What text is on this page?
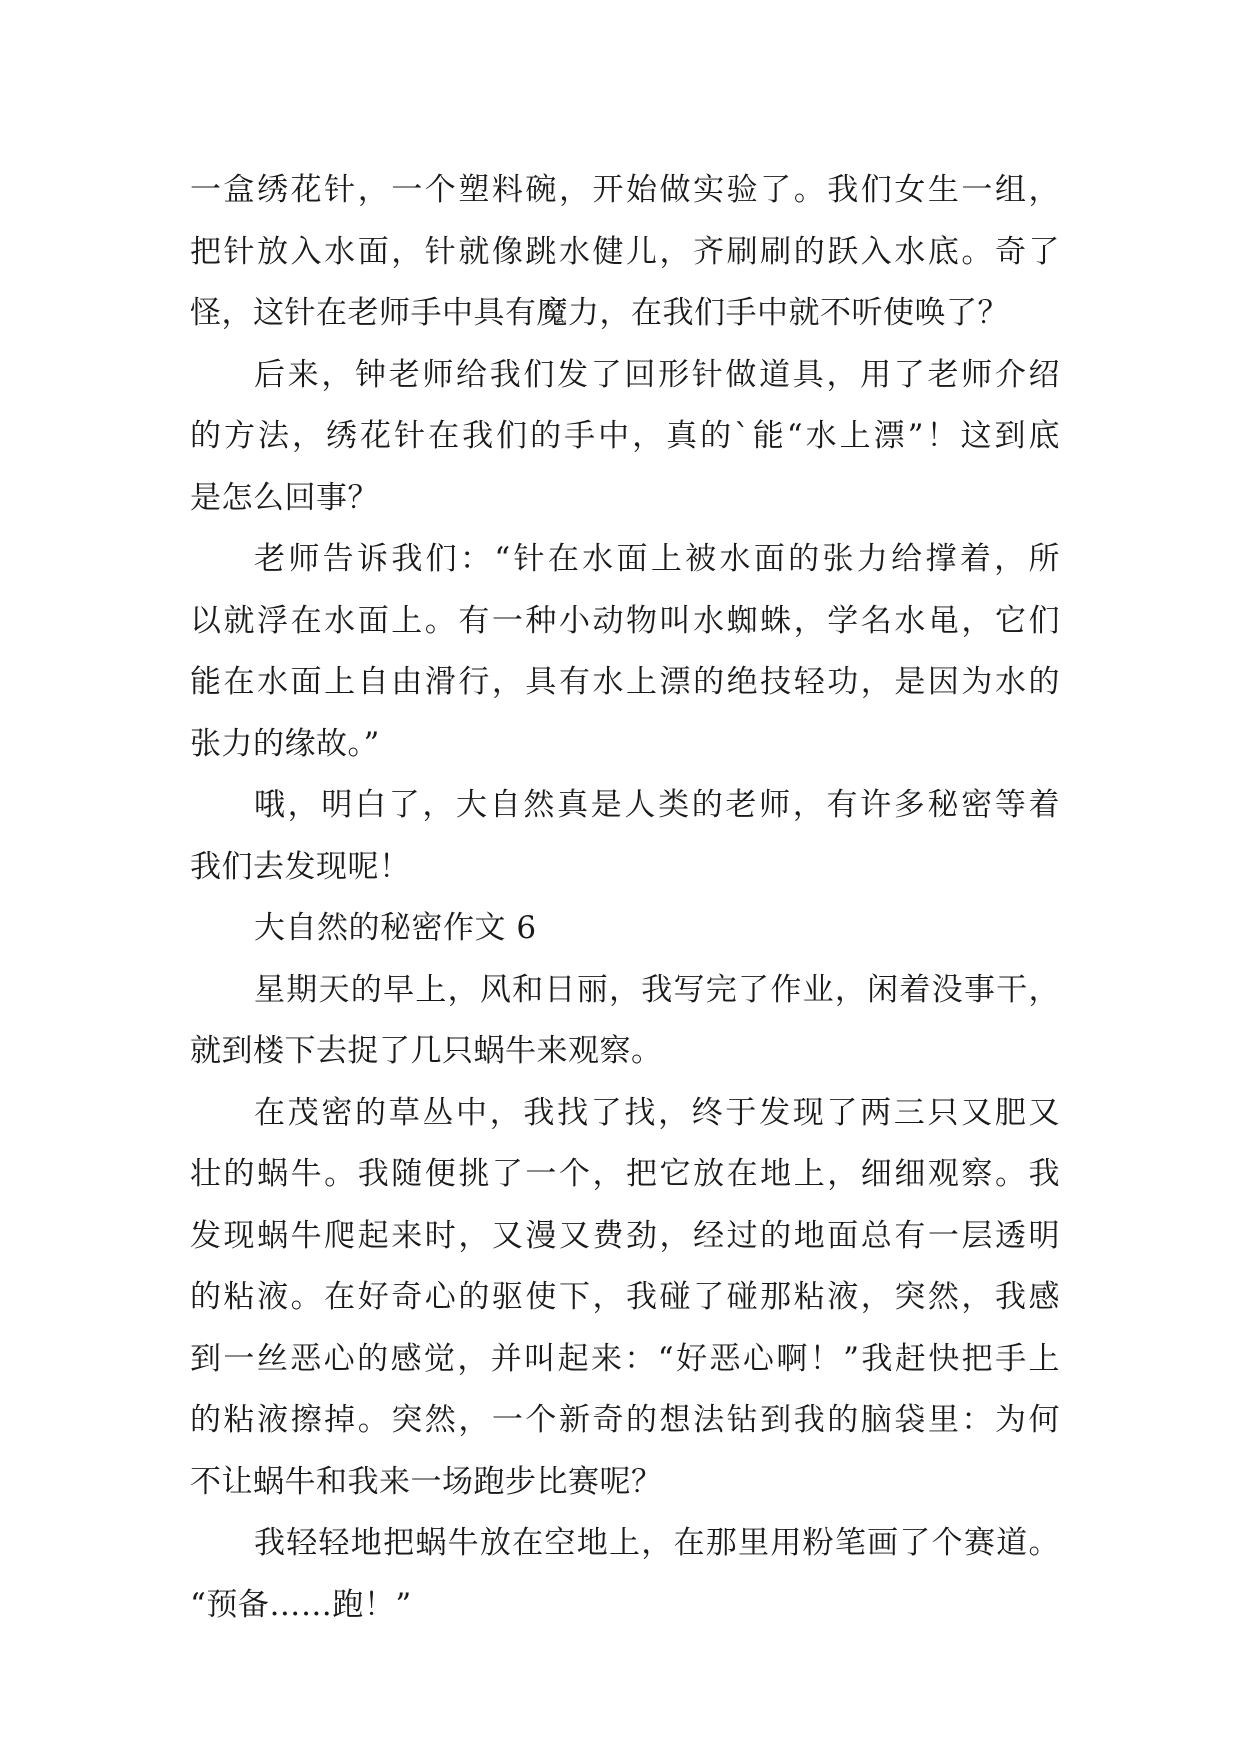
一盒绣花针，一个塑料碗，开始做实验了。我们女生一组，
把针放入水面，针就像跳水健儿，齐刷刷的跃入水底。奇了
怪，这针在老师手中具有魔力，在我们手中就不听使唤了？
后来，钟老师给我们发了回形针做道具，用了老师介绍
的方法，绣花针在我们的手中，真的`能“水上漂”！这到底
是怎么回事？
老师告诉我们：“针在水面上被水面的张力给撑着，所
以就浮在水面上。有一种小动物叫水蜘蛛，学名水黾，它们
能在水面上自由滑行，具有水上漂的绝技轻功，是因为水的
张力的缘故。”
哦，明白了，大自然真是人类的老师，有许多秘密等着
我们去发现呢！
大自然的秘密作文 6
星期天的早上，风和日丽，我写完了作业，闲着没事干，
就到楼下去捉了几只蜗牛来观察。
在茂密的草丛中，我找了找，终于发现了两三只又肥又
壮的蜗牛。我随便挑了一个，把它放在地上，细细观察。我
发现蜗牛爬起来时，又漫又费劲，经过的地面总有一层透明
的粘液。在好奇心的驱使下，我碰了碰那粘液，突然，我感
到一丝恶心的感觉，并叫起来：“好恶心啊！”我赶快把手上
的粘液擦掉。突然，一个新奇的想法钻到我的脑袋里：为何
不让蜗牛和我来一场跑步比赛呢？
我轻轻地把蜗牛放在空地上，在那里用粉笔画了个赛道。
“预备……跑！”
